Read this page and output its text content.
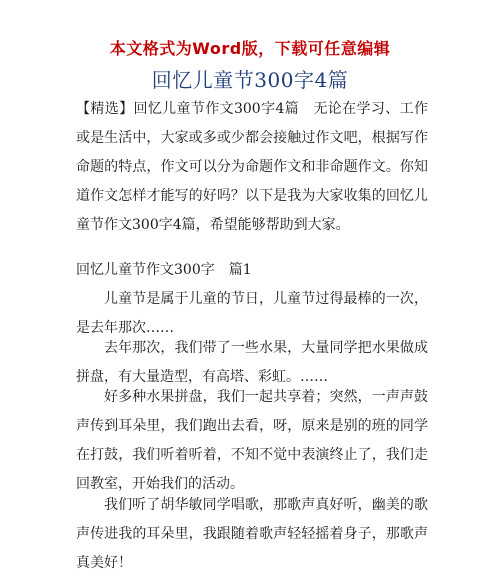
本文格式为Word版，下载可任意编辑
回忆儿童节300字4篇

【精选】回忆儿童节作文300字4篇　无论在学习、工作或是生活中，大家或多或少都会接触过作文吧，根据写作命题的特点，作文可以分为命题作文和非命题作文。你知道作文怎样才能写的好吗？以下是我为大家收集的回忆儿童节作文300字4篇，希望能够帮助到大家。

回忆儿童节作文300字　篇1

儿童节是属于儿童的节日，儿童节过得最棒的一次，是去年那次……

去年那次，我们带了一些水果，大量同学把水果做成拼盘，有大量造型，有高塔、彩虹。……

好多种水果拼盘，我们一起共享着；突然，一声声鼓声传到耳朵里，我们跑出去看，呀，原来是别的班的同学在打鼓，我们听着听着，不知不觉中表演终止了，我们走回教室，开始我们的活动。

我们听了胡华敏同学唱歌，那歌声真好听，幽美的歌声传进我的耳朵里，我跟随着歌声轻轻摇着身子，那歌声真美好！
